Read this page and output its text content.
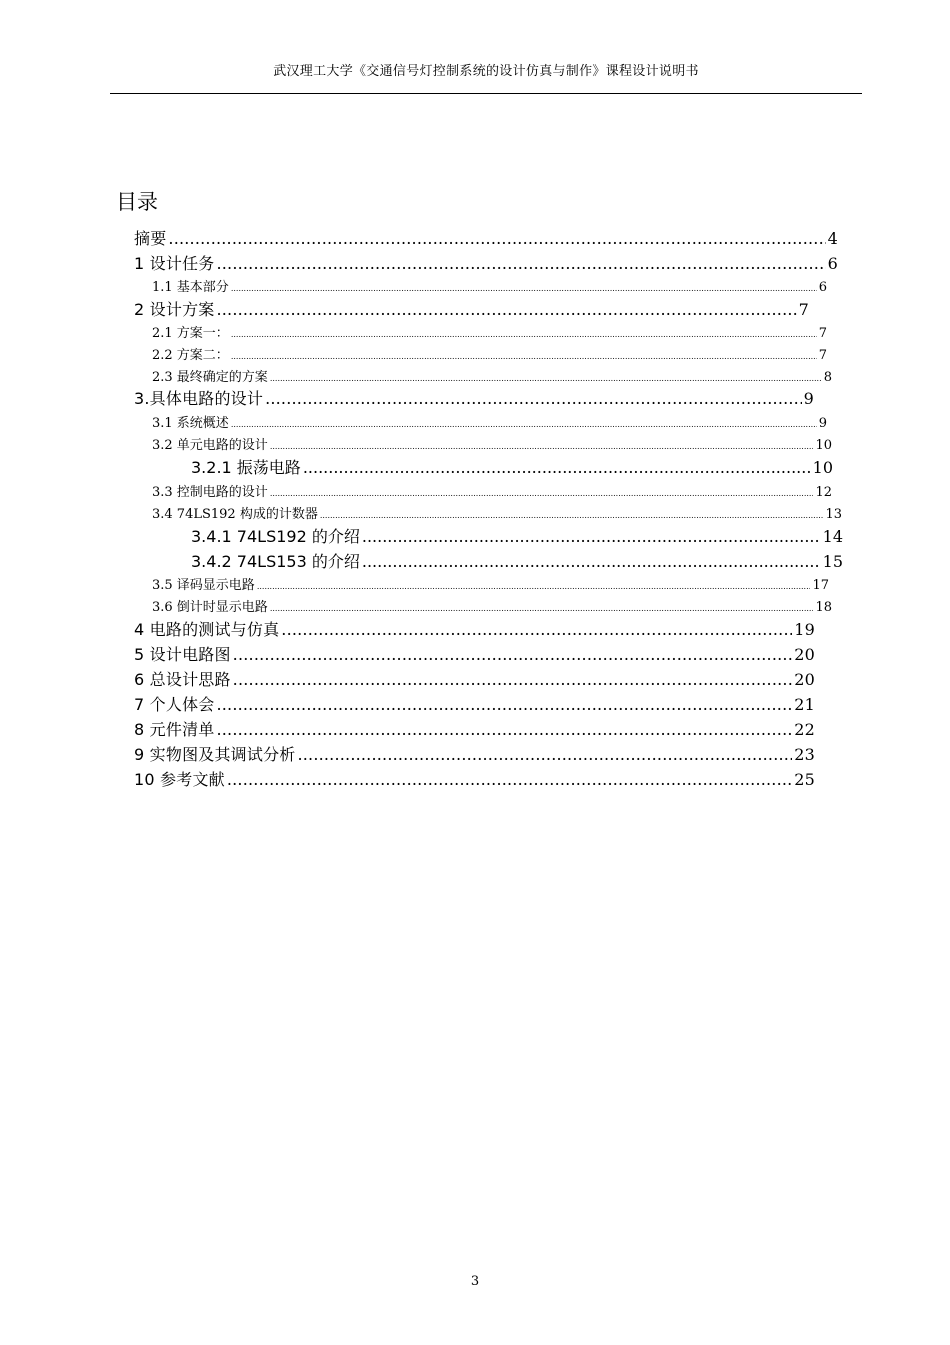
武汉理工大学《交通信号灯控制系统的设计仿真与制作》课程设计说明书
目录
摘要 .....	4
1 设计任务 .....	6
1.1 基本部分 .....	6
2 设计方案 .....	7
2.1 方案一： .....	7
2.2 方案二： .....	7
2.3 最终确定的方案 .....	8
3.具体电路的设计 .....	9
3.1 系统概述 .....	9
3.2 单元电路的设计 .....	10
3.2.1 振荡电路 .....	10
3.3 控制电路的设计 .....	12
3.4 74LS192 构成的计数器 .....	13
3.4.1 74LS192 的介绍 .....	14
3.4.2 74LS153 的介绍 .....	15
3.5 译码显示电路 .....	17
3.6 倒计时显示电路 .....	18
4 电路的测试与仿真 .....	19
5 设计电路图 .....	20
6 总设计思路 .....	20
7 个人体会 .....	21
8 元件清单 .....	22
9 实物图及其调试分析 .....	23
10 参考文献 .....	25
3
